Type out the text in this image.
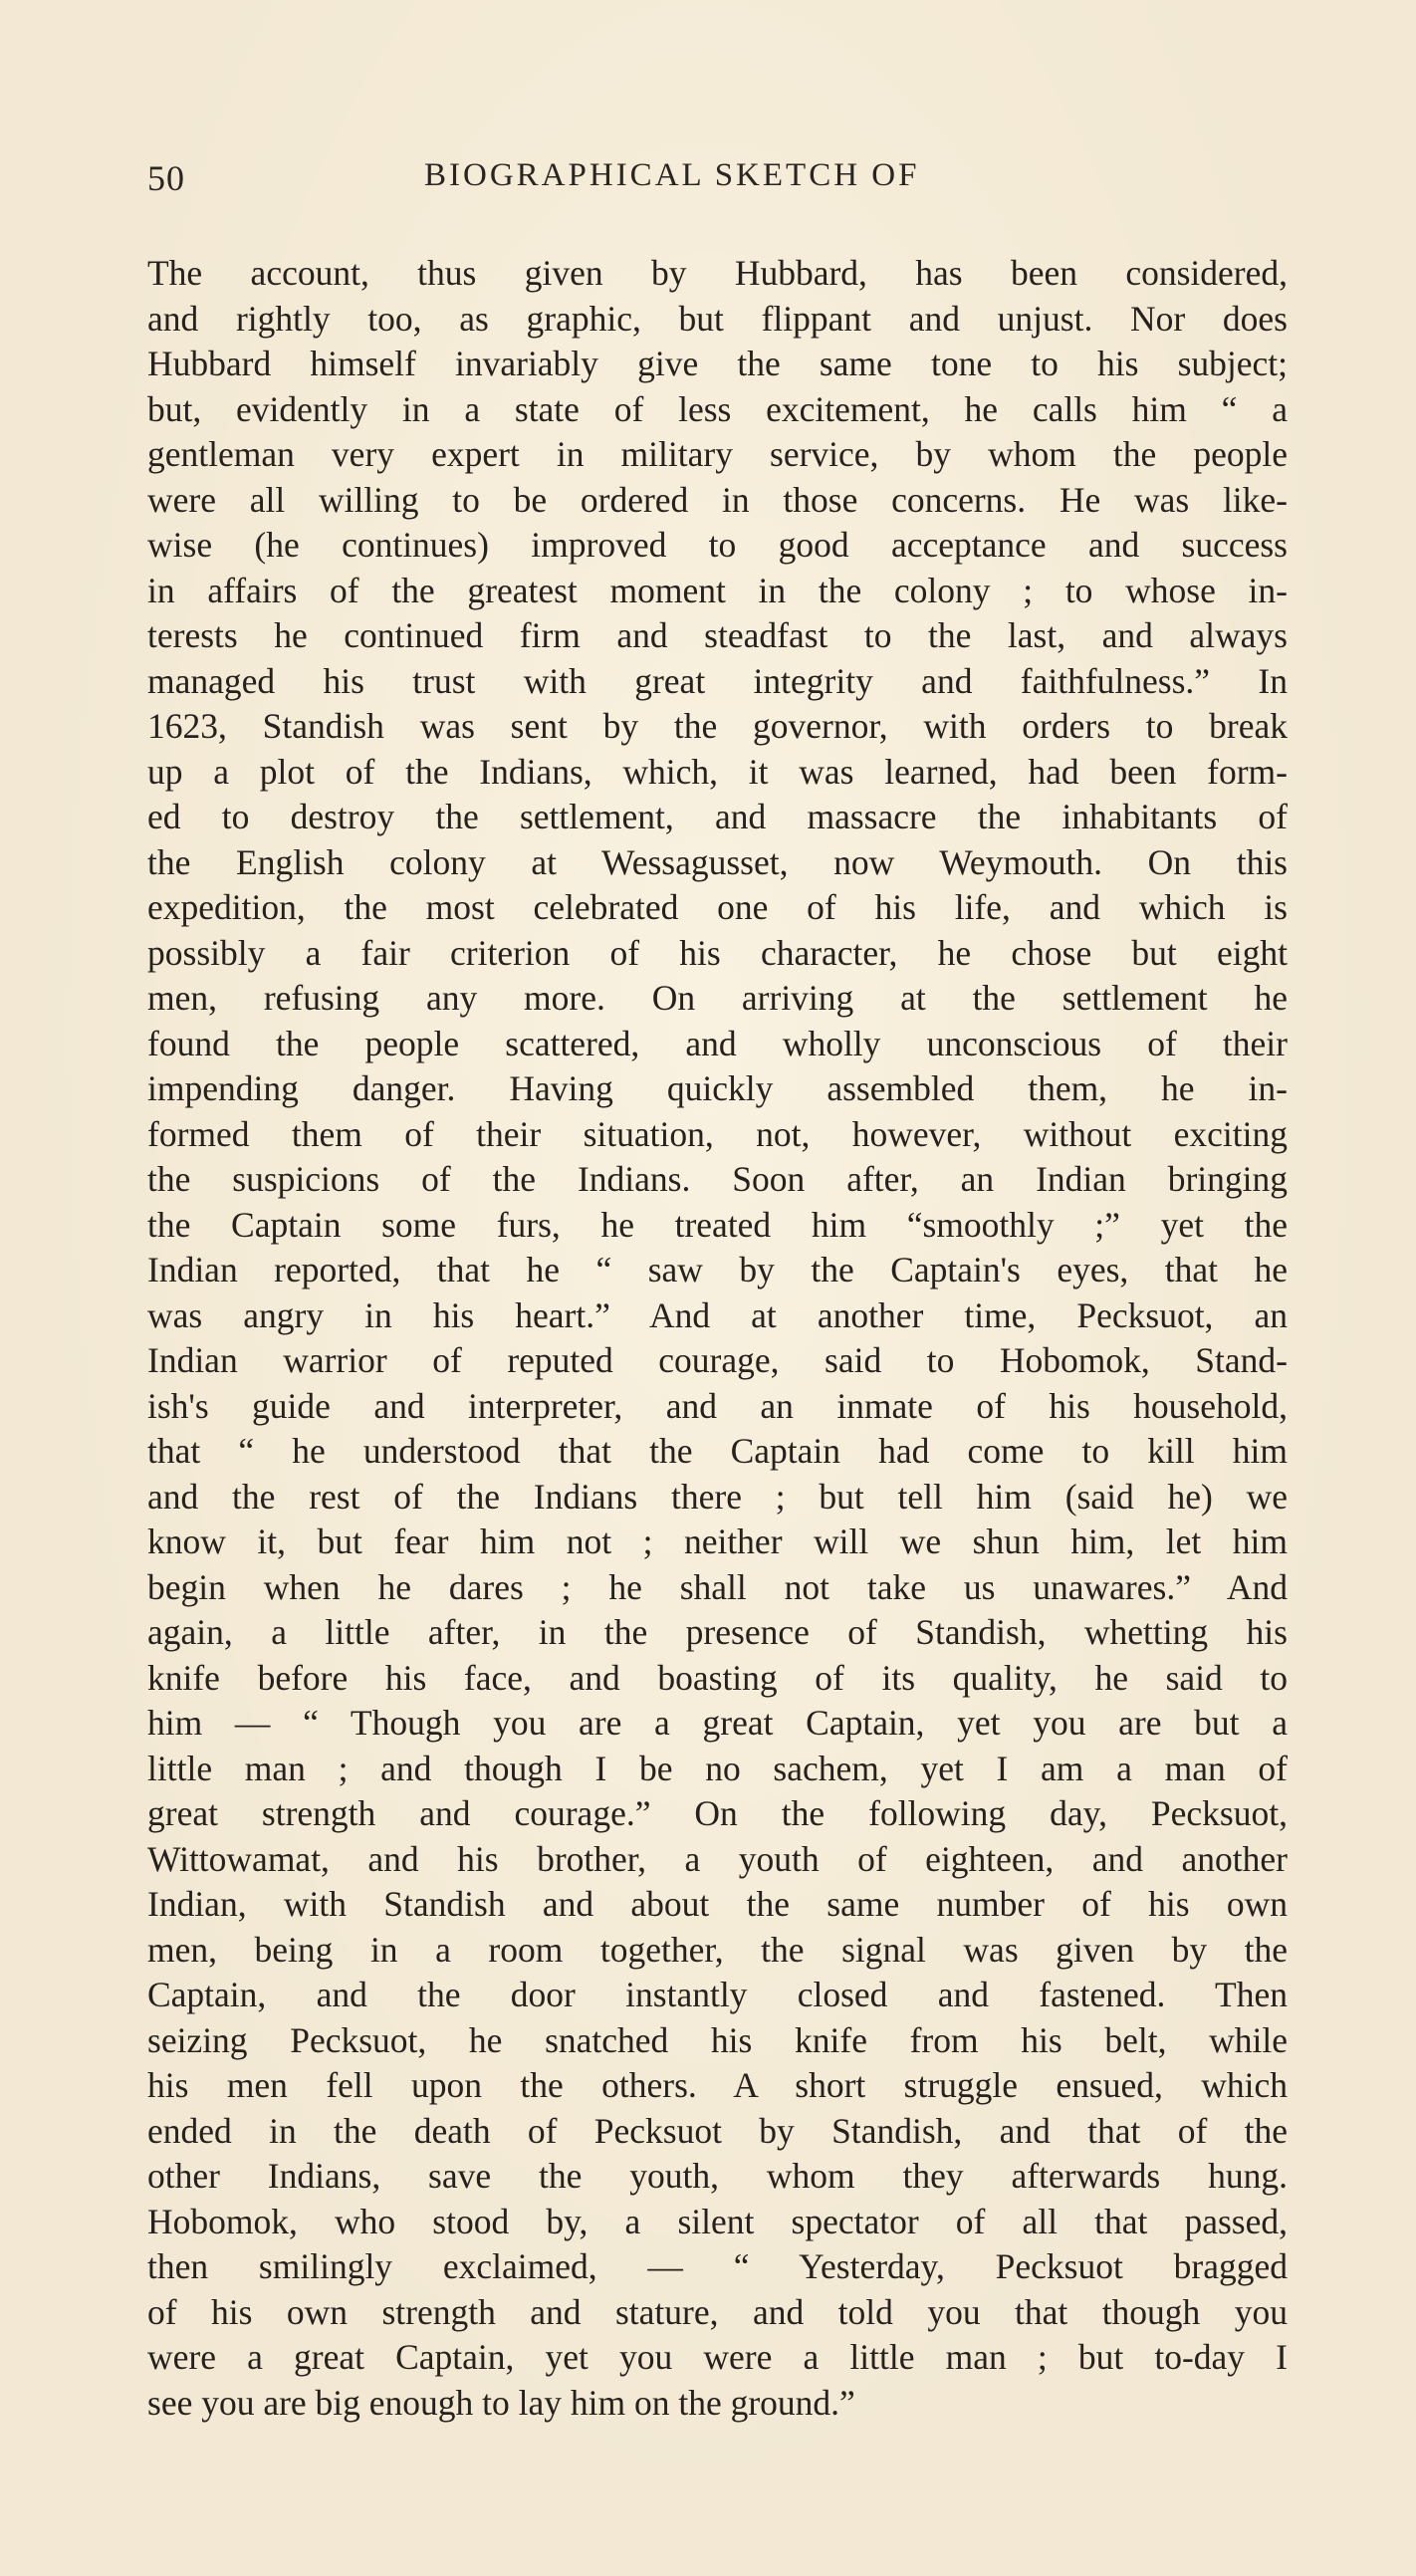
50	BIOGRAPHICAL SKETCH OF
The account, thus given by Hubbard, has been considered,
and rightly too, as graphic, but flippant and unjust. Nor does
Hubbard himself invariably give the same tone to his subject;
but, evidently in a state of less excitement, he calls him “ a
gentleman very expert in military service, by whom the people
were all willing to be ordered in those concerns. He was like-
wise (he continues) improved to good acceptance and success
in affairs of the greatest moment in the colony ; to whose in-
terests he continued firm and steadfast to the last, and always
managed his trust with great integrity and faithfulness.” In
1623, Standish was sent by the governor, with orders to break
up a plot of the Indians, which, it was learned, had been form-
ed to destroy the settlement, and massacre the inhabitants of
the English colony at Wessagusset, now Weymouth. On this
expedition, the most celebrated one of his life, and which is
possibly a fair criterion of his character, he chose but eight
men, refusing any more. On arriving at the settlement he
found the people scattered, and wholly unconscious of their
impending danger. Having quickly assembled them, he in-
formed them of their situation, not, however, without exciting
the suspicions of the Indians. Soon after, an Indian bringing
the Captain some furs, he treated him “smoothly ;” yet the
Indian reported, that he “ saw by the Captain's eyes, that he
was angry in his heart.” And at another time, Pecksuot, an
Indian warrior of reputed courage, said to Hobomok, Stand-
ish's guide and interpreter, and an inmate of his household,
that “ he understood that the Captain had come to kill him
and the rest of the Indians there ; but tell him (said he) we
know it, but fear him not ; neither will we shun him, let him
begin when he dares ; he shall not take us unawares.” And
again, a little after, in the presence of Standish, whetting his
knife before his face, and boasting of its quality, he said to
him — “ Though you are a great Captain, yet you are but a
little man ; and though I be no sachem, yet I am a man of
great strength and courage.” On the following day, Pecksuot,
Wittowamat, and his brother, a youth of eighteen, and another
Indian, with Standish and about the same number of his own
men, being in a room together, the signal was given by the
Captain, and the door instantly closed and fastened. Then
seizing Pecksuot, he snatched his knife from his belt, while
his men fell upon the others. A short struggle ensued, which
ended in the death of Pecksuot by Standish, and that of the
other Indians, save the youth, whom they afterwards hung.
Hobomok, who stood by, a silent spectator of all that passed,
then smilingly exclaimed, — “ Yesterday, Pecksuot bragged
of his own strength and stature, and told you that though you
were a great Captain, yet you were a little man ; but to-day I
see you are big enough to lay him on the ground.”
